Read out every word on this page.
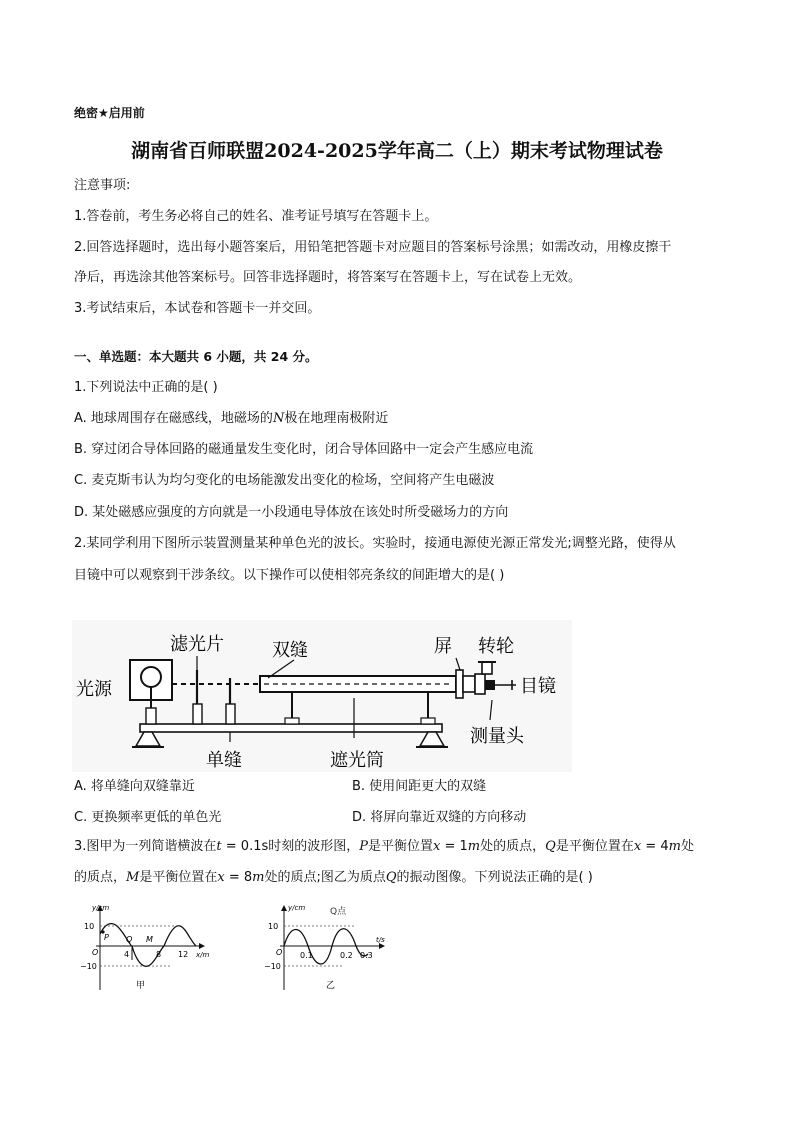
绝密★启用前
湖南省百师联盟2024-2025学年高二（上）期末考试物理试卷
注意事项:
1.答卷前，考生务必将自己的姓名、准考证号填写在答题卡上。
2.回答选择题时，选出每小题答案后，用铅笔把答题卡对应题目的答案标号涂黑；如需改动，用橡皮擦干
净后，再选涂其他答案标号。回答非选择题时，将答案写在答题卡上，写在试卷上无效。
3.考试结束后，本试卷和答题卡一并交回。
一、单选题：本大题共 6 小题，共 24 分。
1.下列说法中正确的是( )
A. 地球周围存在磁感线，地磁场的N极在地理南极附近
B. 穿过闭合导体回路的磁通量发生变化时，闭合导体回路中一定会产生感应电流
C. 麦克斯韦认为均匀变化的电场能激发出变化的检场，空间将产生电磁波
D. 某处磁感应强度的方向就是一小段通电导体放在该处时所受磁场力的方向
2.某同学利用下图所示装置测量某种单色光的波长。实验时，接通电源使光源正常发光;调整光路，使得从
目镜中可以观察到干涉条纹。以下操作可以使相邻亮条纹的间距增大的是( )
光源
滤光片
单缝
双缝
遮光筒
屏 转轮
目镜
测量头
A. 将单缝向双缝靠近	B. 使用间距更大的双缝
C. 更换频率更低的单色光	D. 将屏向靠近双缝的方向移动
3.图甲为一列简谐横波在t = 0.1s时刻的波形图，P是平衡位置x = 1m处的质点，Q是平衡位置在x = 4m处
的质点，M是平衡位置在x = 8m处的质点;图乙为质点Q的振动图像。下列说法正确的是( )
y/cm
10
−10
O
P Q M
4	8 12 x/m
甲
y/cm	Q点
10
−10
O 0.1	0.2 0.3
t/s
乙
